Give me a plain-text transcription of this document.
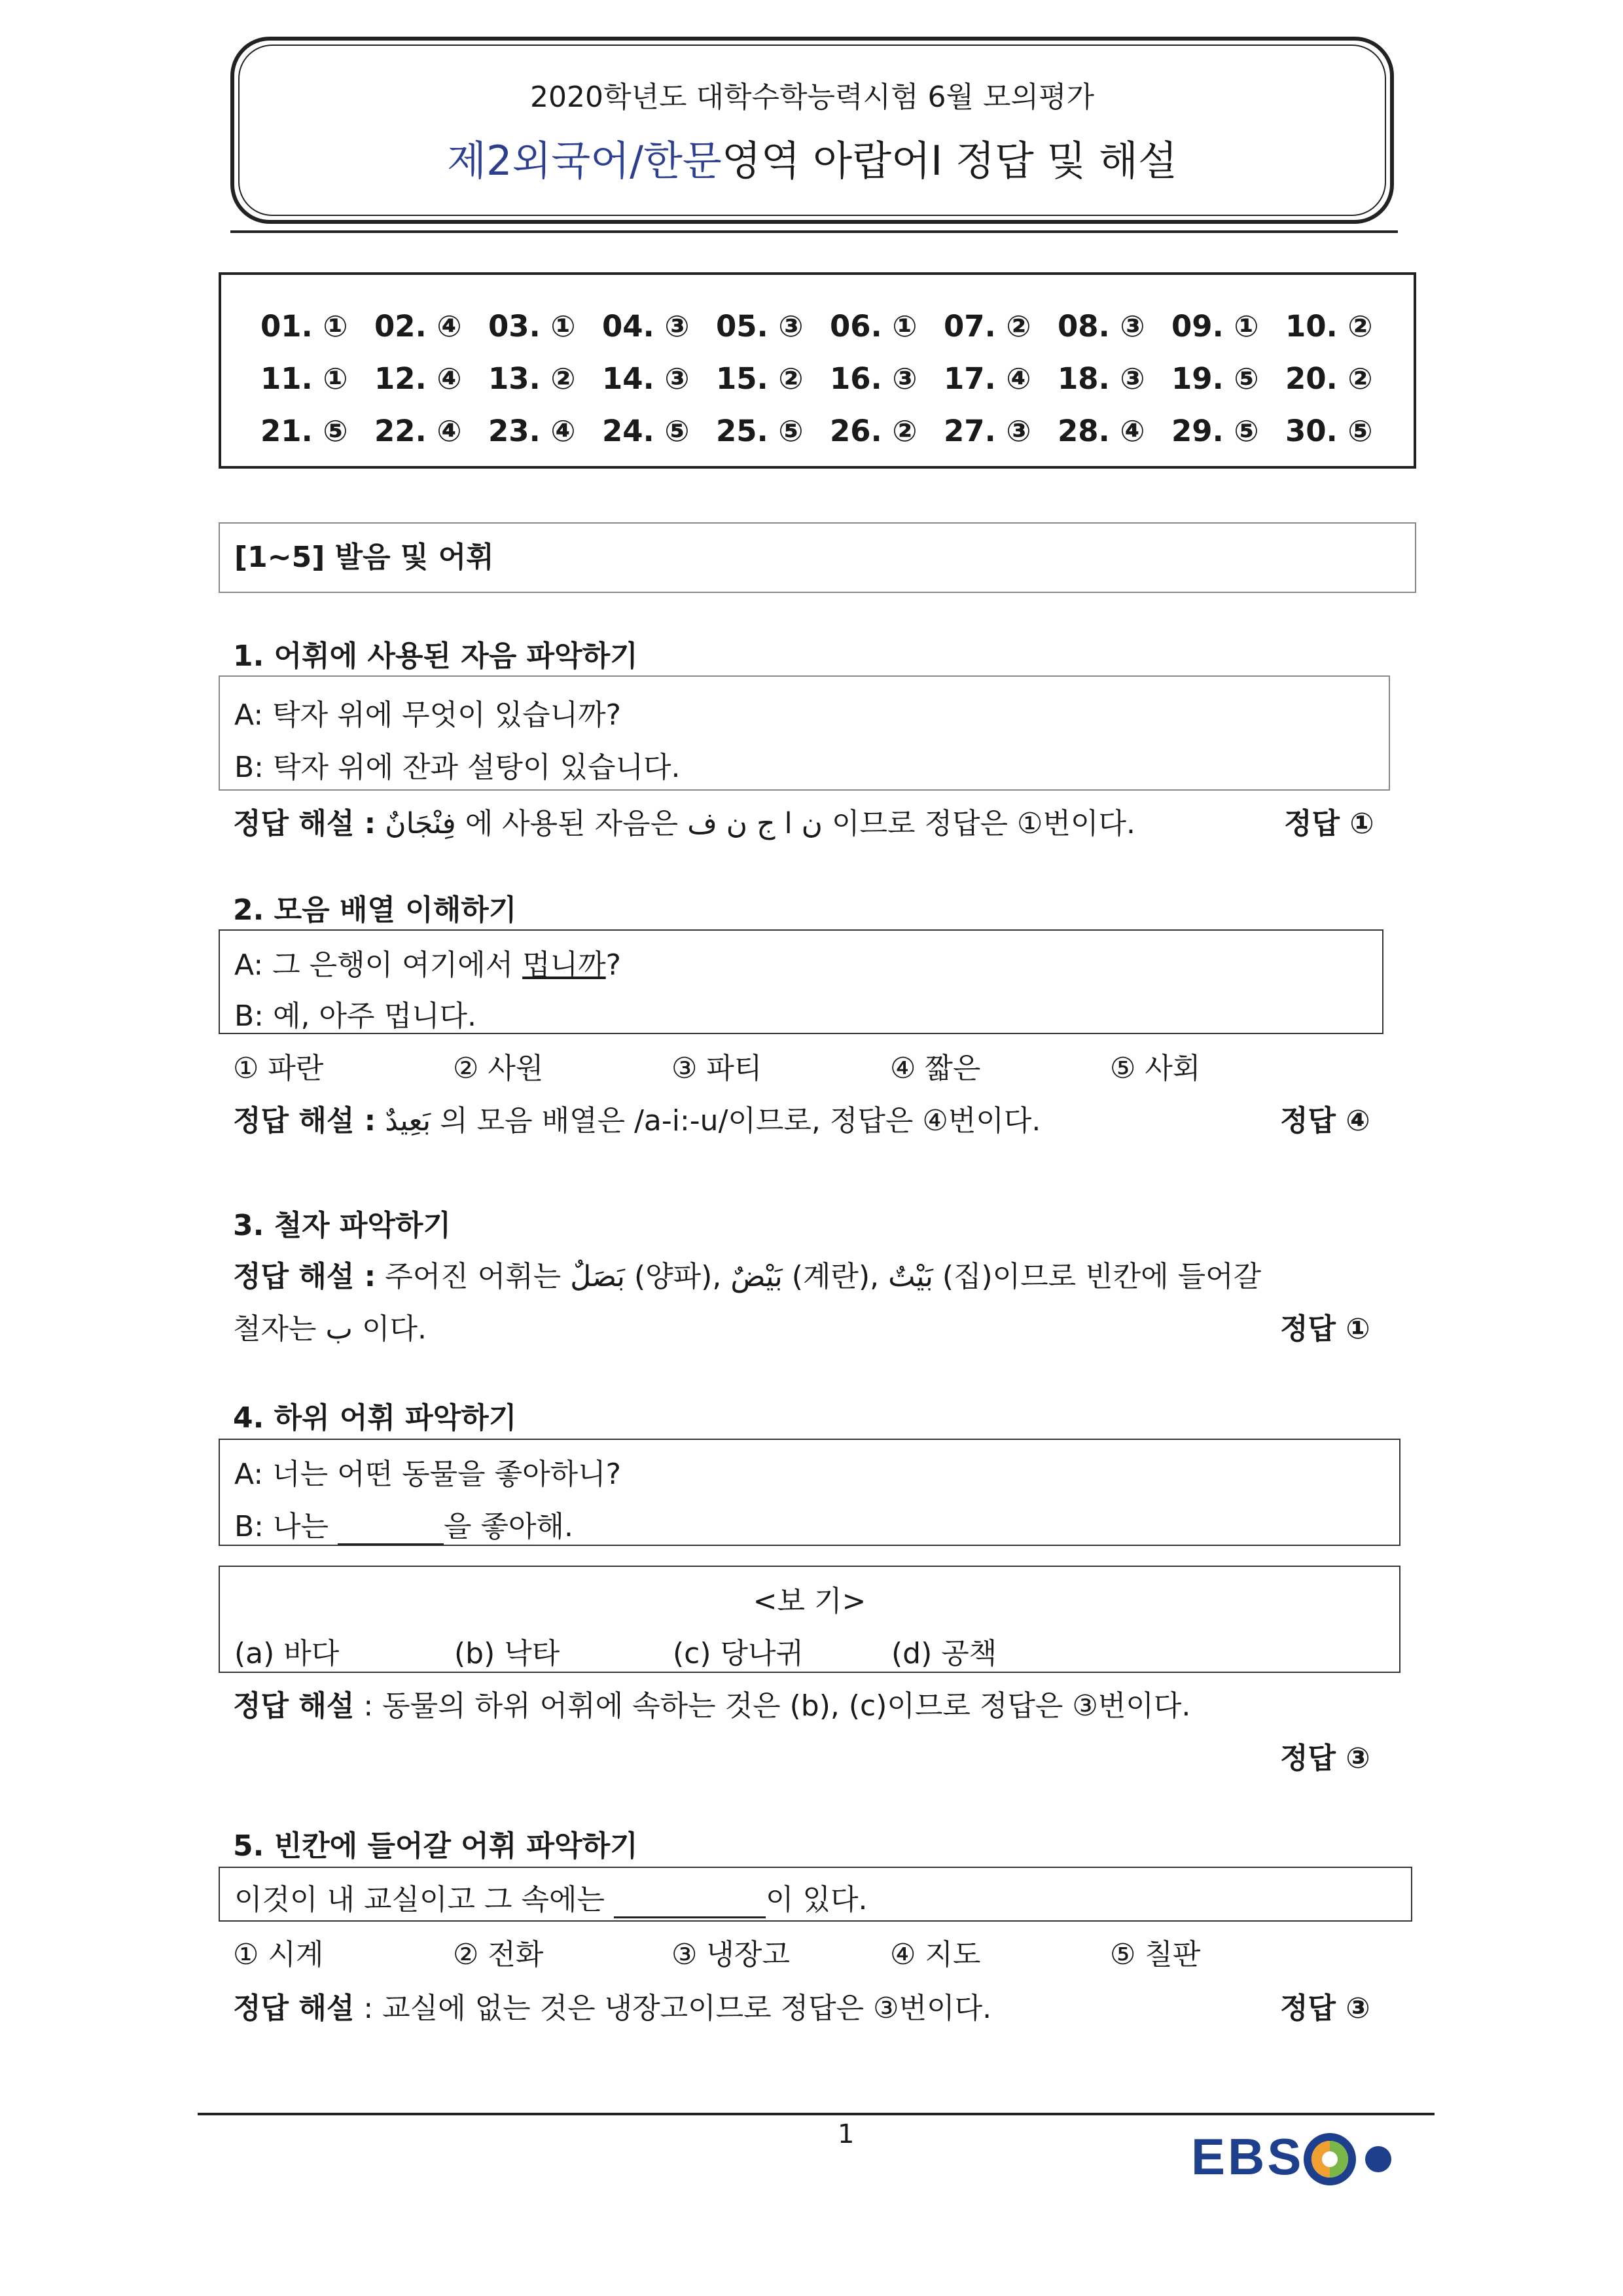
2020학년도 대학수학능력시험 6월 모의평가
제2외국어/한문영역 아랍어Ⅰ 정답 및 해설
01. ① 02. ④ 03. ① 04. ③ 05. ③ 06. ① 07. ② 08. ③ 09. ① 10. ②
11. ① 12. ④ 13. ② 14. ③ 15. ② 16. ③ 17. ④ 18. ③ 19. ⑤ 20. ②
21. ⑤ 22. ④ 23. ④ 24. ⑤ 25. ⑤ 26. ② 27. ③ 28. ④ 29. ⑤ 30. ⑤
[1~5] 발음 및 어휘
1. 어휘에 사용된 자음 파악하기
A: 탁자 위에 무엇이 있습니까?
B: 탁자 위에 잔과 설탕이 있습니다.
정답 해설 : فِنْجَانٌ 에 사용된 자음은 ن ا ج ن ف 이므로 정답은 ①번이다.	정답 ①
2. 모음 배열 이해하기
A: 그 은행이 여기에서 멉니까?
B: 예, 아주 멉니다.
① 파란	② 사원	③ 파티	④ 짧은	⑤ 사회
정답 해설 : بَعِيدٌ 의 모음 배열은 /a-i:-u/이므로, 정답은 ④번이다.	정답 ④
3. 철자 파악하기
정답 해설 : 주어진 어휘는 بَصَلٌ (양파), بَيْضٌ (계란), بَيْتٌ (집)이므로 빈칸에 들어갈
철자는 ب 이다.	정답 ①
4. 하위 어휘 파악하기
A: 너는 어떤 동물을 좋아하니?
B: 나는	을 좋아해.
<보 기>
(a) 바다	(b) 낙타	(c) 당나귀	(d) 공책
정답 해설 : 동물의 하위 어휘에 속하는 것은 (b), (c)이므로 정답은 ③번이다.
정답 ③
5. 빈칸에 들어갈 어휘 파악하기
이것이 내 교실이고 그 속에는	이 있다.
① 시계	② 전화	③ 냉장고	④ 지도	⑤ 칠판
정답 해설 : 교실에 없는 것은 냉장고이므로 정답은 ③번이다.	정답 ③
1	EBS
